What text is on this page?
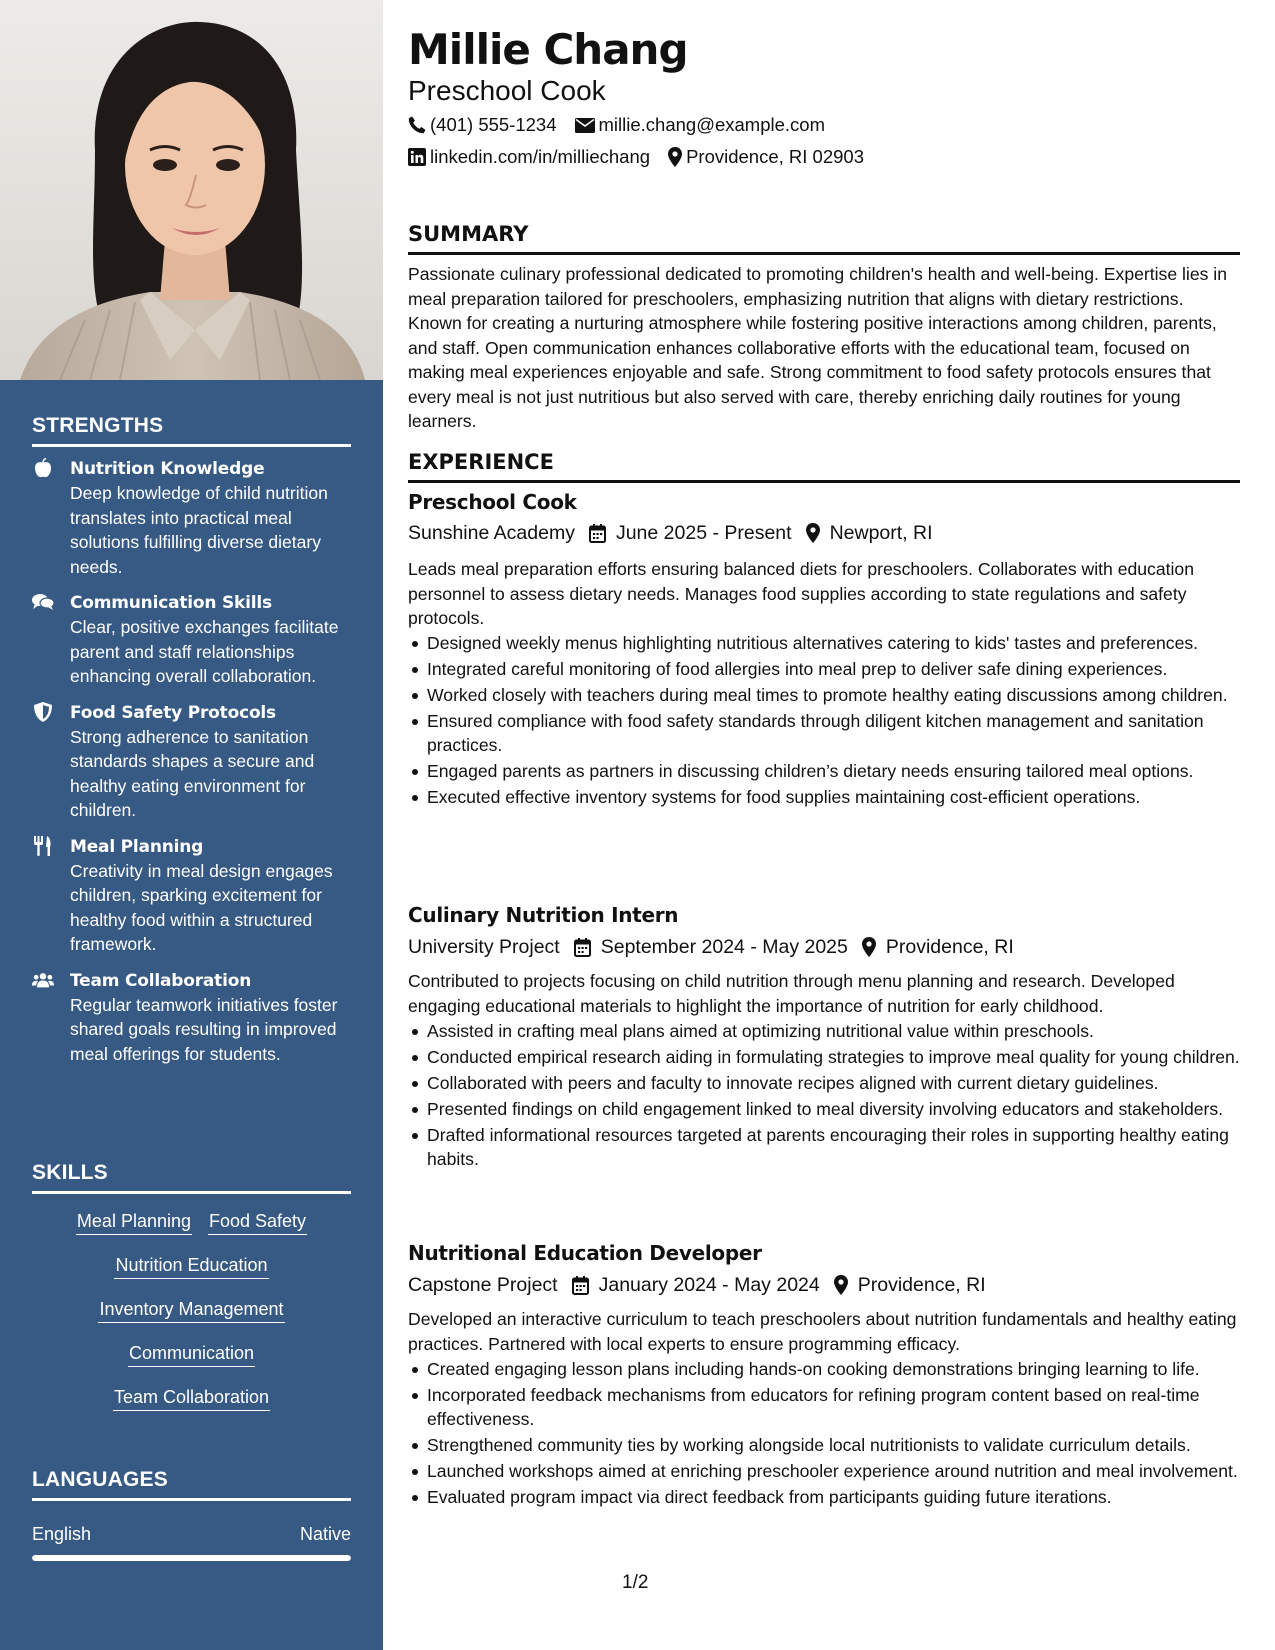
STRENGTHS
Nutrition Knowledge
Deep knowledge of child nutrition translates into practical meal solutions fulfilling diverse dietary needs.
Communication Skills
Clear, positive exchanges facilitate parent and staff relationships enhancing overall collaboration.
Food Safety Protocols
Strong adherence to sanitation standards shapes a secure and healthy eating environment for children.
Meal Planning
Creativity in meal design engages children, sparking excitement for healthy food within a structured framework.
Team Collaboration
Regular teamwork initiatives foster shared goals resulting in improved meal offerings for students.
SKILLS
Meal Planning Food Safety
Nutrition Education
Inventory Management
Communication
Team Collaboration
LANGUAGES
English	Native
Millie Chang
Preschool Cook
(401) 555-1234 millie.chang@example.com
linkedin.com/in/milliechang Providence, RI 02903
SUMMARY
Passionate culinary professional dedicated to promoting children's health and well-being. Expertise lies in meal preparation tailored for preschoolers, emphasizing nutrition that aligns with dietary restrictions. Known for creating a nurturing atmosphere while fostering positive interactions among children, parents, and staff. Open communication enhances collaborative efforts with the educational team, focused on making meal experiences enjoyable and safe. Strong commitment to food safety protocols ensures that every meal is not just nutritious but also served with care, thereby enriching daily routines for young learners.
EXPERIENCE
Preschool Cook
Sunshine Academy June 2025 - Present Newport, RI
Leads meal preparation efforts ensuring balanced diets for preschoolers. Collaborates with education personnel to assess dietary needs. Manages food supplies according to state regulations and safety protocols.
Designed weekly menus highlighting nutritious alternatives catering to kids' tastes and preferences.
Integrated careful monitoring of food allergies into meal prep to deliver safe dining experiences.
Worked closely with teachers during meal times to promote healthy eating discussions among children.
Ensured compliance with food safety standards through diligent kitchen management and sanitation practices.
Engaged parents as partners in discussing children’s dietary needs ensuring tailored meal options.
Executed effective inventory systems for food supplies maintaining cost-efficient operations.
Culinary Nutrition Intern
University Project September 2024 - May 2025 Providence, RI
Contributed to projects focusing on child nutrition through menu planning and research. Developed engaging educational materials to highlight the importance of nutrition for early childhood.
Assisted in crafting meal plans aimed at optimizing nutritional value within preschools.
Conducted empirical research aiding in formulating strategies to improve meal quality for young children.
Collaborated with peers and faculty to innovate recipes aligned with current dietary guidelines.
Presented findings on child engagement linked to meal diversity involving educators and stakeholders.
Drafted informational resources targeted at parents encouraging their roles in supporting healthy eating habits.
Nutritional Education Developer
Capstone Project January 2024 - May 2024 Providence, RI
Developed an interactive curriculum to teach preschoolers about nutrition fundamentals and healthy eating practices. Partnered with local experts to ensure programming efficacy.
Created engaging lesson plans including hands-on cooking demonstrations bringing learning to life.
Incorporated feedback mechanisms from educators for refining program content based on real-time effectiveness.
Strengthened community ties by working alongside local nutritionists to validate curriculum details.
Launched workshops aimed at enriching preschooler experience around nutrition and meal involvement.
Evaluated program impact via direct feedback from participants guiding future iterations.
1/2
